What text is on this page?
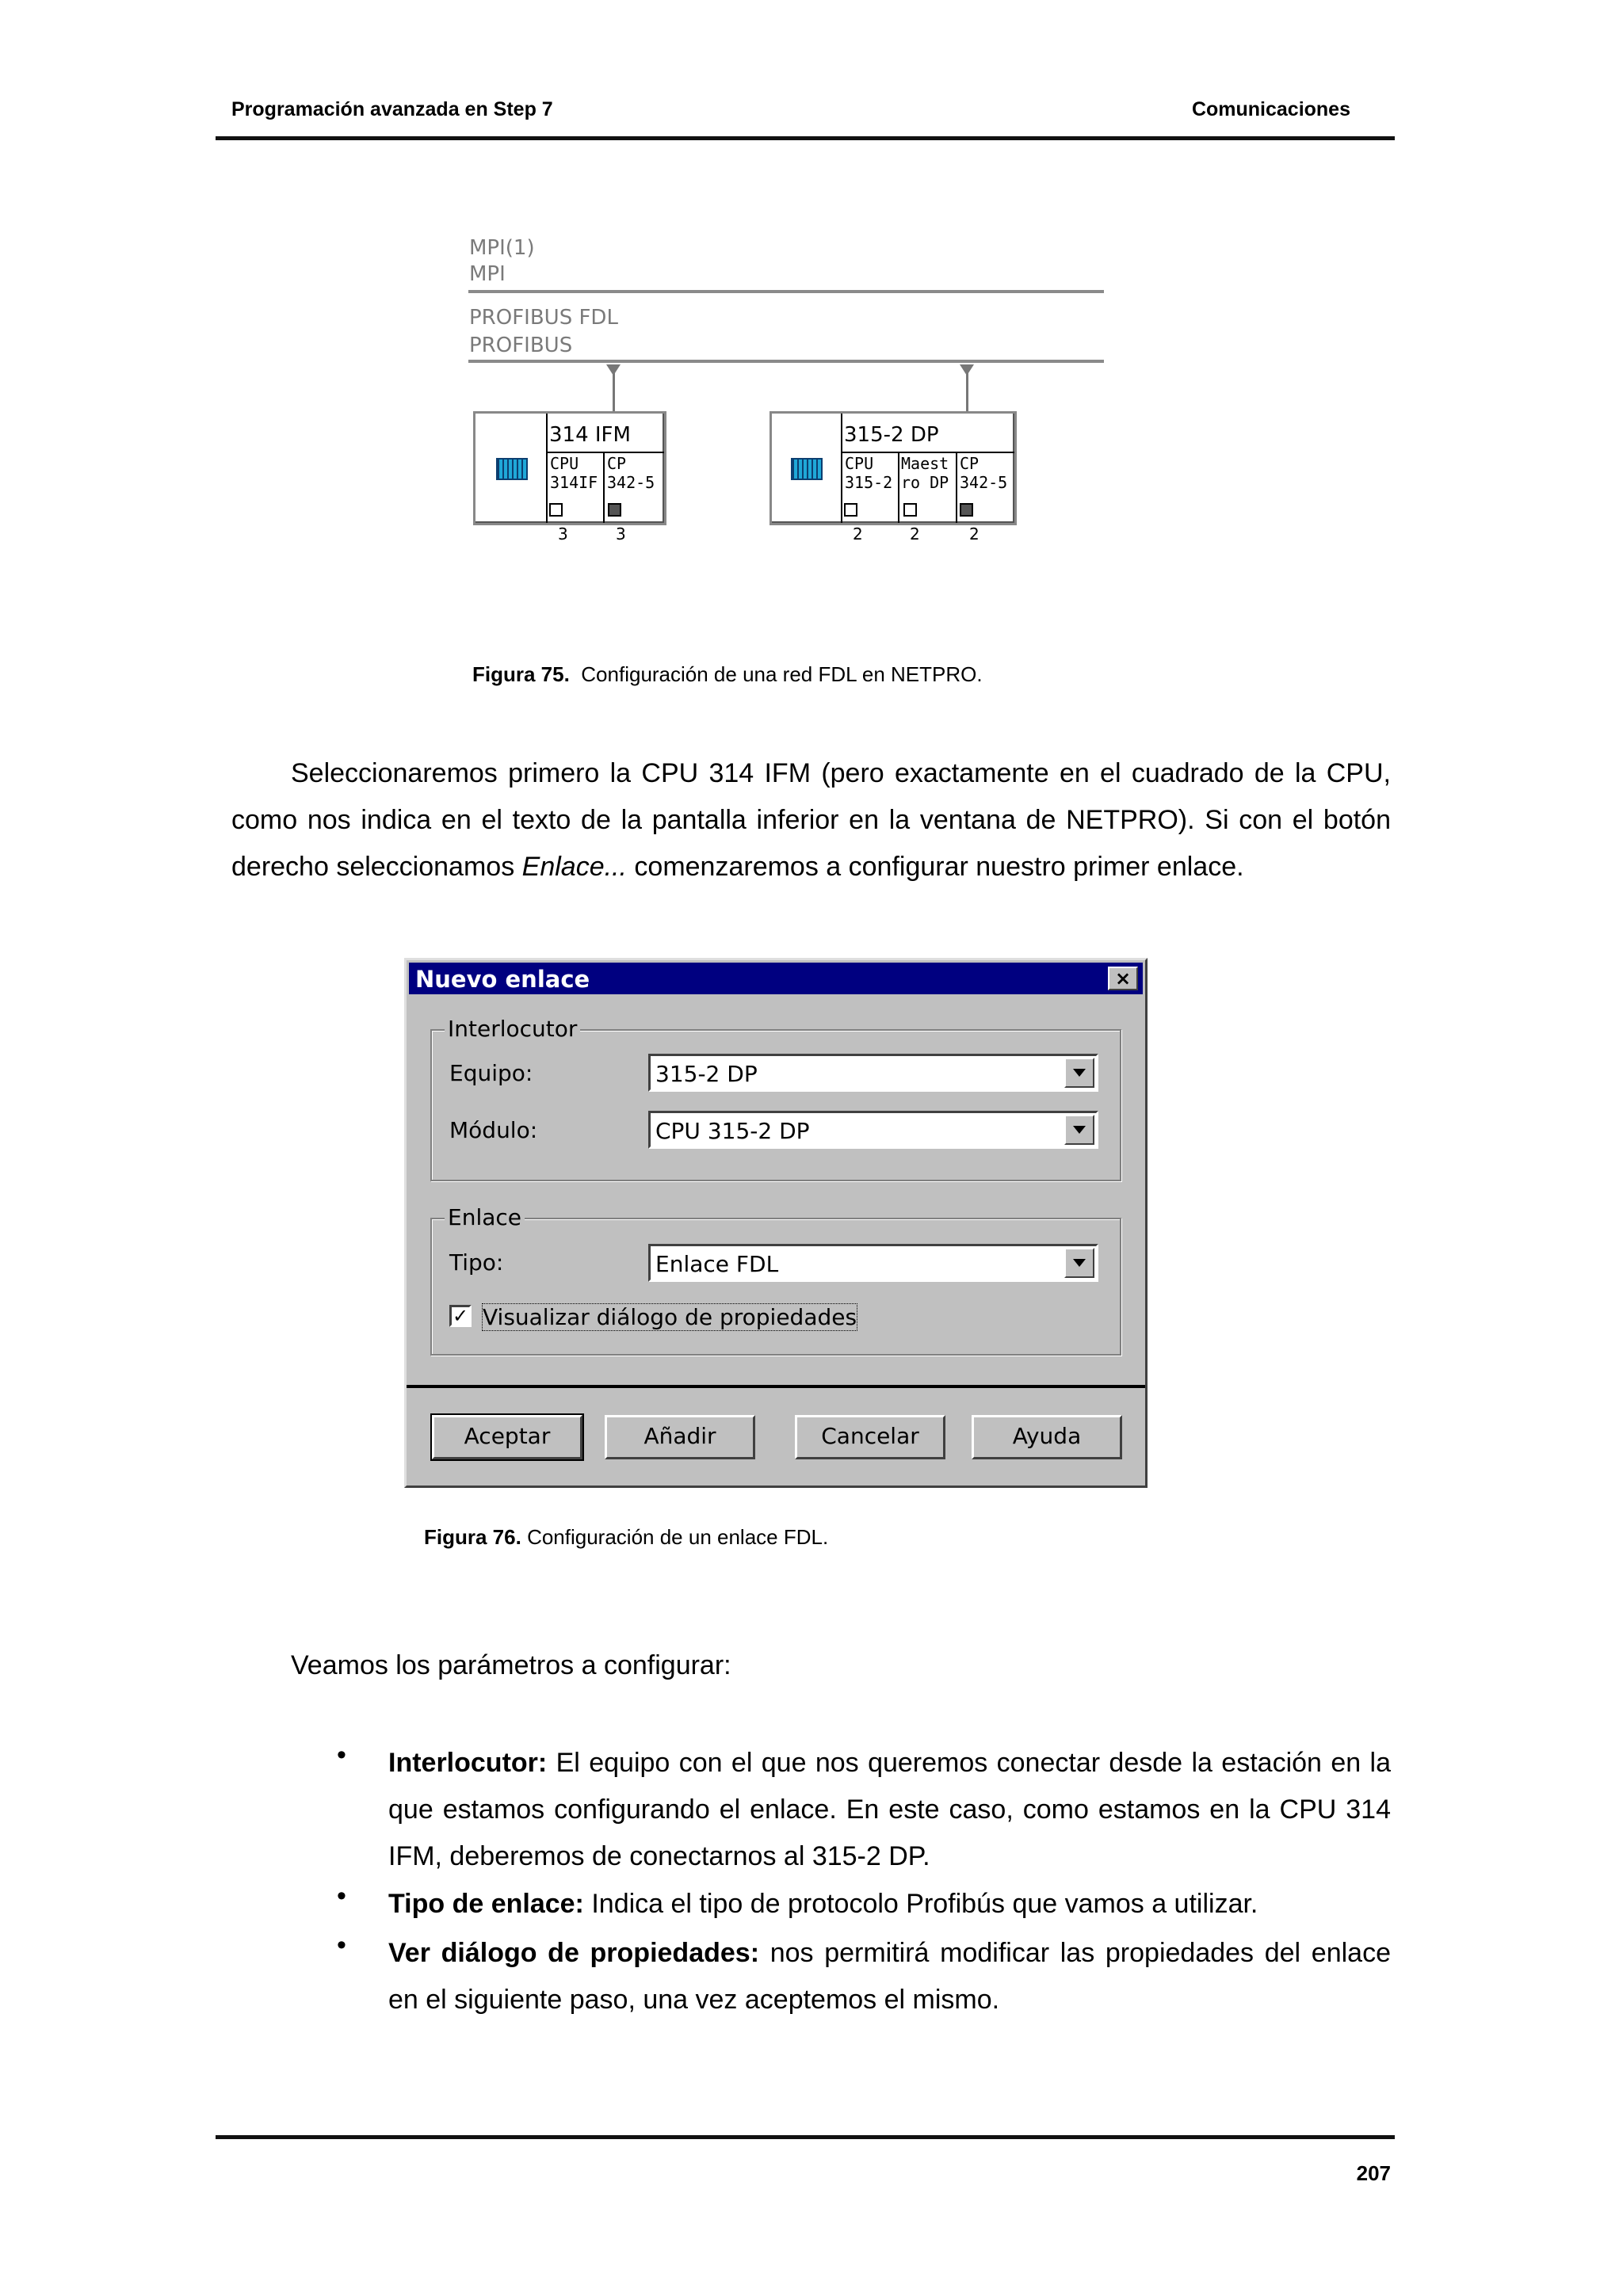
Programación avanzada en Step 7	Comunicaciones
MPI(1)
MPI
PROFIBUS FDL
PROFIBUS
314 IFM
CPU
314IF
CP
342-5
3	3
315-2 DP
CPU
315-2
Maest
ro DP
CP
342-5
2	2	2
Figura 75. Configuración de una red FDL en NETPRO.
Seleccionaremos primero la CPU 314 IFM (pero exactamente en el cuadrado de la CPU, como nos indica en el texto de la pantalla inferior en la ventana de NETPRO). Si con el botón derecho seleccionamos Enlace... comenzaremos a configurar nuestro primer enlace.
Nuevo enlace	×
Interlocutor
Equipo:	315-2 DP
Módulo:	CPU 315-2 DP
Enlace
Tipo:	Enlace FDL
✓ Visualizar diálogo de propiedades
Aceptar	Añadir	Cancelar	Ayuda
Figura 76. Configuración de un enlace FDL.
Veamos los parámetros a configurar:
• Interlocutor: El equipo con el que nos queremos conectar desde la estación en la que estamos configurando el enlace. En este caso, como estamos en la CPU 314 IFM, deberemos de conectarnos al 315-2 DP.
• Tipo de enlace: Indica el tipo de protocolo Profibús que vamos a utilizar.
• Ver diálogo de propiedades: nos permitirá modificar las propiedades del enlace en el siguiente paso, una vez aceptemos el mismo.
207
